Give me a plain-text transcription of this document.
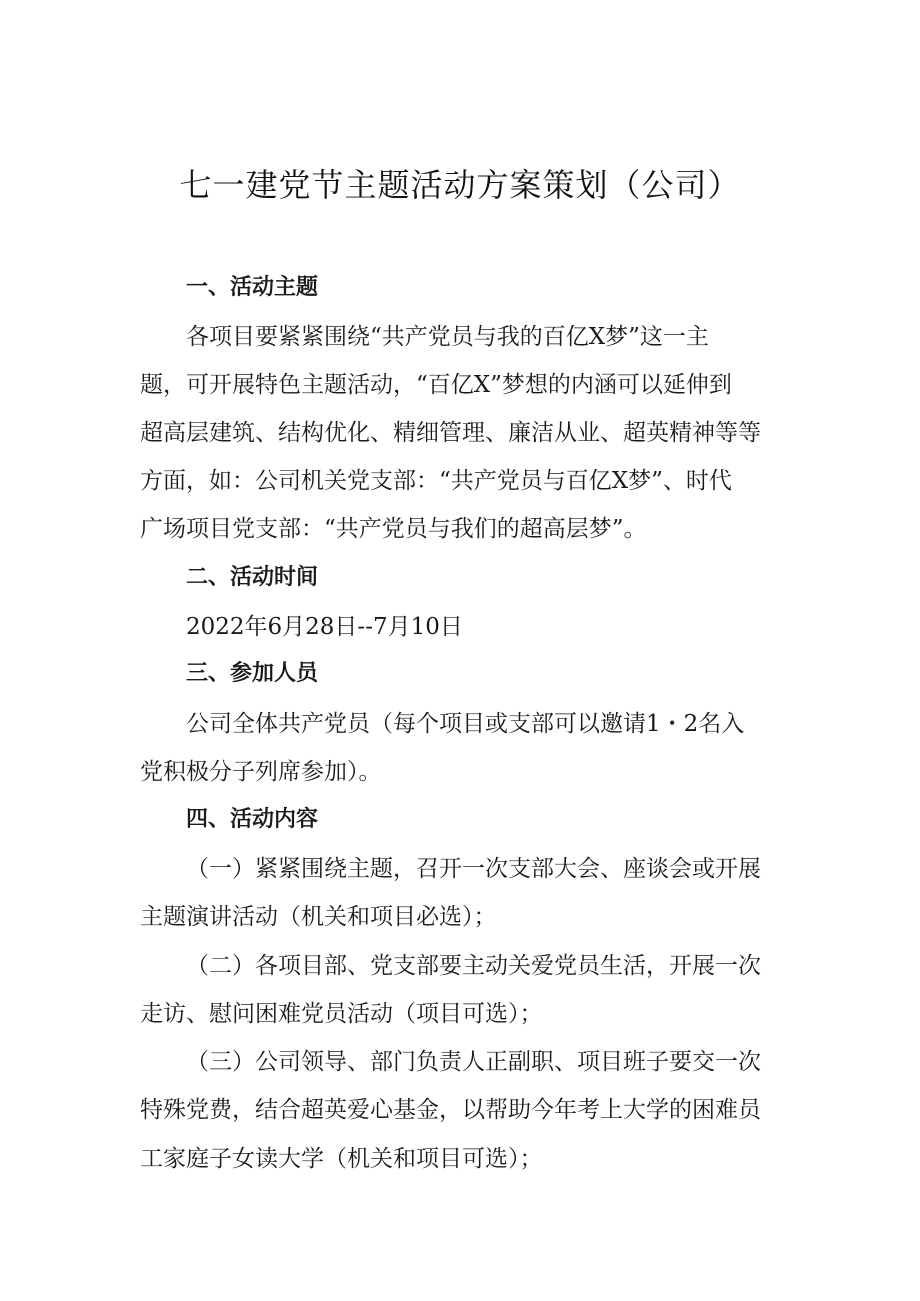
七一建党节主题活动方案策划（公司）
一、活动主题
各项目要紧紧围绕“共产党员与我的百亿X梦”这一主
题，可开展特色主题活动，“百亿X”梦想的内涵可以延伸到
超高层建筑、结构优化、精细管理、廉洁从业、超英精神等等
方面，如：公司机关党支部：“共产党员与百亿X梦”、时代
广场项目党支部：“共产党员与我们的超高层梦”。
二、活动时间
2022年6月28日--7月10日
三、参加人员
公司全体共产党员（每个项目或支部可以邀请1・2名入
党积极分子列席参加）。
四、活动内容
（一）紧紧围绕主题，召开一次支部大会、座谈会或开展
主题演讲活动（机关和项目必选）；
（二）各项目部、党支部要主动关爱党员生活，开展一次
走访、慰问困难党员活动（项目可选）；
（三）公司领导、部门负责人正副职、项目班子要交一次
特殊党费，结合超英爱心基金，以帮助今年考上大学的困难员
工家庭子女读大学（机关和项目可选）；
